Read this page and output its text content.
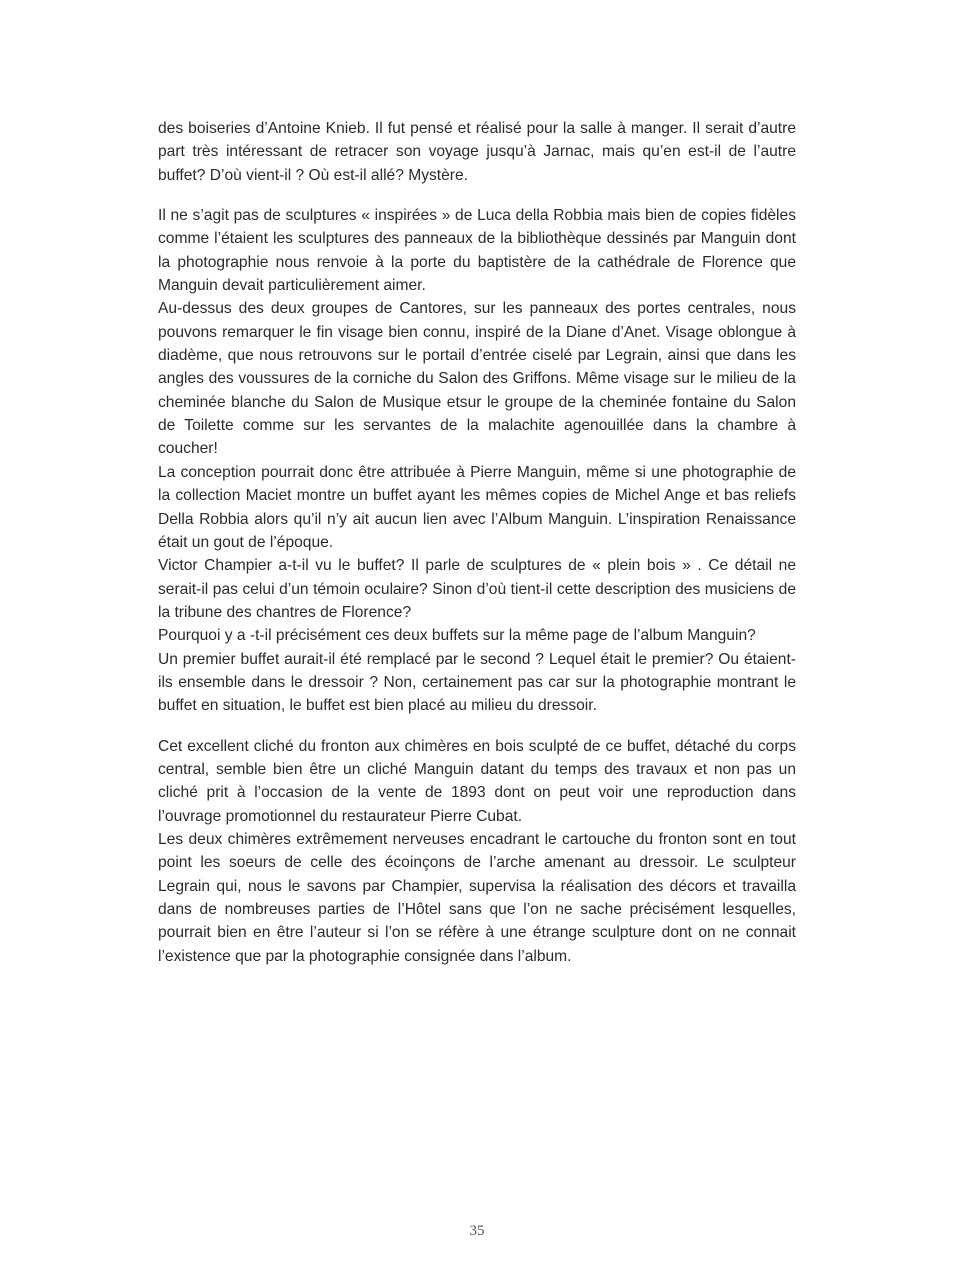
des boiseries d’Antoine Knieb. Il fut pensé et réalisé pour la salle à manger. Il serait d’autre part très intéressant de retracer son voyage jusqu’à Jarnac, mais qu’en est-il de l’autre buffet? D’où vient-il ? Où est-il allé? Mystère.

Il ne s’agit pas de sculptures « inspirées » de Luca della Robbia mais bien de copies fidèles comme l’étaient les sculptures des panneaux de la bibliothèque dessinés par Manguin dont la photographie nous renvoie à la porte du baptistère de la cathédrale de Florence que Manguin devait particulièrement aimer.

Au-dessus des deux groupes de Cantores, sur les panneaux des portes centrales, nous pouvons remarquer le fin visage bien connu, inspiré de la Diane d’Anet. Visage oblongue à diadème, que nous retrouvons sur le portail d’entrée ciselé par Legrain, ainsi que dans les angles des voussures de la corniche du Salon des Griffons. Même visage sur le milieu de la cheminée blanche du Salon de Musique etsur le groupe de la cheminée fontaine du Salon de Toilette comme sur les servantes de la malachite agenouillée dans la chambre à coucher!

La conception pourrait donc être attribuée à Pierre Manguin, même si une photographie de la collection Maciet montre un buffet ayant les mêmes copies de Michel Ange et bas reliefs Della Robbia alors qu’il n’y ait aucun lien avec l’Album Manguin. L’inspiration Renaissance était un gout de l’époque.

Victor Champier a-t-il vu le buffet? Il parle de sculptures de « plein bois » . Ce détail ne serait-il pas celui d’un témoin oculaire? Sinon d’où tient-il cette description des musiciens de la tribune des chantres de Florence?

Pourquoi y a -t-il précisément ces deux buffets sur la même page de l’album Manguin?

Un premier buffet aurait-il été remplacé par le second ? Lequel était le premier? Ou étaient-ils ensemble dans le dressoir ? Non, certainement pas car sur la photographie montrant le buffet en situation, le buffet est bien placé au milieu du dressoir.

Cet excellent cliché du fronton aux chimères en bois sculpté de ce buffet, détaché du corps central, semble bien être un cliché Manguin datant du temps des travaux et non pas un cliché prit à l’occasion de la vente de 1893 dont on peut voir une reproduction dans l’ouvrage promotionnel du restaurateur Pierre Cubat.

Les deux chimères extrêmement nerveuses encadrant le cartouche du fronton sont en tout point les soeurs de celle des écoinçons de l’arche amenant au dressoir. Le sculpteur Legrain qui, nous le savons par Champier, supervisa la réalisation des décors et travailla dans de nombreuses parties de l’Hôtel sans que l’on ne sache précisément lesquelles, pourrait bien en être l’auteur si l’on se réfère à une étrange sculpture dont on ne connait l’existence que par la photographie consignée dans l’album.

35
